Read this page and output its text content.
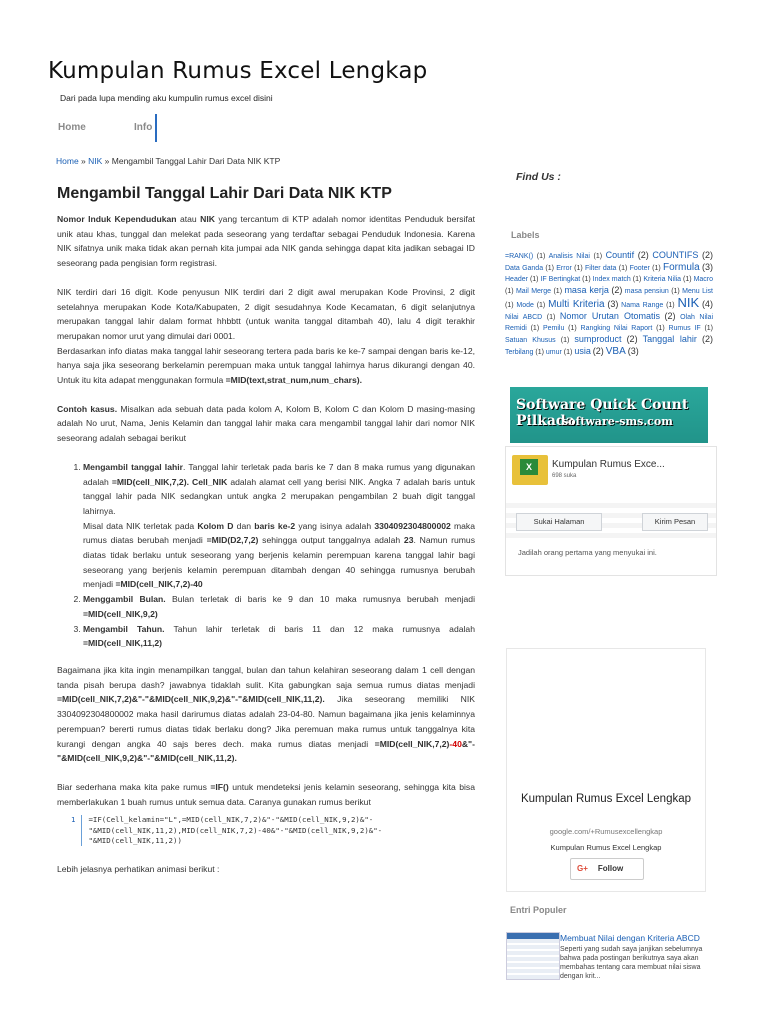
Kumpulan Rumus Excel Lengkap
Dari pada lupa mending aku kumpulin rumus excel disini
Home	Info
Home » NIK » Mengambil Tanggal Lahir Dari Data NIK KTP
Mengambil Tanggal Lahir Dari Data NIK KTP

Nomor Induk Kependudukan atau NIK yang tercantum di KTP adalah nomor identitas Penduduk bersifat unik atau khas, tunggal dan melekat pada seseorang yang terdaftar sebagai Penduduk Indonesia. Karena NIK sifatnya unik maka tidak akan pernah kita jumpai ada NIK ganda sehingga dapat kita jadikan sebagai ID seseorang pada pengisian form registrasi.

NIK terdiri dari 16 digit. Kode penyusun NIK terdiri dari 2 digit awal merupakan Kode Provinsi, 2 digit setelahnya merupakan Kode Kota/Kabupaten, 2 digit sesudahnya Kode Kecamatan, 6 digit selanjutnya merupakan tanggal lahir dalam format hhbbtt (untuk wanita tanggal ditambah 40), lalu 4 digit terakhir merupakan nomor urut yang dimulai dari 0001.

Berdasarkan info diatas maka tanggal lahir seseorang tertera pada baris ke ke-7 sampai dengan baris ke-12, hanya saja jika seseorang berkelamin perempuan maka untuk tanggal lahirnya harus dikurangi dengan 40. Untuk itu kita adapat menggunakan formula =MID(text,strat_num,num_chars).

Contoh kasus. Misalkan ada sebuah data pada kolom A, Kolom B, Kolom C dan Kolom D masing-masing adalah No urut, Nama, Jenis Kelamin dan tanggal lahir maka cara mengambil tanggal lahir dari nomor NIK seseorang adalah sebagai berikut

1. Mengambil tanggal lahir. Tanggal lahir terletak pada baris ke 7 dan 8 maka rumus yang digunakan adalah =MID(cell_NIK,7,2). Cell_NIK adalah alamat cell yang berisi NIK. Angka 7 adalah baris untuk tanggal lahir pada NIK sedangkan untuk angka 2 merupakan pengambilan 2 buah digit tanggal lahirnya.
Misal data NIK terletak pada Kolom D dan baris ke-2 yang isinya adalah 3304092304800002 maka rumus diatas berubah menjadi =MID(D2,7,2) sehingga output tanggalnya adalah 23. Namun rumus diatas tidak berlaku untuk seseorang yang berjenis kelamin perempuan karena tanggal lahir bagi seseorang yang berjenis kelamin perempuan ditambah dengan 40 sehingga rumusnya berubah menjadi =MID(cell_NIK,7,2)-40
2. Menggambil Bulan. Bulan terletak di baris ke 9 dan 10 maka rumusnya berubah menjadi =MID(cell_NIK,9,2)
3. Mengambil Tahun. Tahun lahir terletak di baris 11 dan 12 maka rumusnya adalah =MID(cell_NIK,11,2)

Bagaimana jika kita ingin menampilkan tanggal, bulan dan tahun kelahiran seseorang dalam 1 cell dengan tanda pisah berupa dash? jawabnya tidaklah sulit. Kita gabungkan saja semua rumus diatas menjadi =MID(cell_NIK,7,2)&"-"&MID(cell_NIK,9,2)&"-"&MID(cell_NIK,11,2). Jika seseorang memiliki NIK 3304092304800002 maka hasil darirumus diatas adalah 23-04-80. Namun bagaimana jika jenis kelaminnya perempuan? bererti rumus diatas tidak berlaku dong? Jika peremuan maka rumus untuk tanggalnya kita kurangi dengan angka 40 sajs beres dech. maka rumus diatas menjadi =MID(cell_NIK,7,2)-40&"-"&MID(cell_NIK,9,2)&"-"&MID(cell_NIK,11,2).

Biar sederhana maka kita pake rumus =IF() untuk mendeteksi jenis kelamin seseorang, sehingga kita bisa memberlakukan 1 buah rumus untuk semua data. Caranya gunakan rumus berikut

1	=IF(Cell_kelamin="L",=MID(cell_NIK,7,2)&"-"&MID(cell_NIK,9,2)&"-
"&MID(cell_NIK,11,2),MID(cell_NIK,7,2)-40&"-"&MID(cell_NIK,9,2)&"-
"&MID(cell_NIK,11,2))

Lebih jelasnya perhatikan animasi berikut :

Find Us :
Labels
=RANK() (1) Analisis Nilai (1) Countif (2) COUNTIFS (2) Data Ganda (1) Error (1) Filter data (1) Footer (1) Formula (3) Header (1) IF Bertingkat (1) Index match (1) Kriteria Nilia (1) Macro (1) Mail Merge (1) masa kerja (2) masa pensiun (1) Menu List (1) Mode (1) Multi Kriteria (3) Nama Range (1) NIK (4) Nilai ABCD (1) Nomor Urutan Otomatis (2) Olah Nilai Remidi (1) Pemilu (1) Rangking Nilai Raport (1) Rumus IF (1) Satuan Khusus (1) sumproduct (2) Tanggal lahir (2) Terbilang (1) umur (1) usia (2) VBA (3)
Software Quick Count Pilkada
software-sms.com
X	Kumpulan Rumus Exce...
698 suka
Sukai Halaman	Kirim Pesan
Jadilah orang pertama yang menyukai ini.
Kumpulan Rumus Excel Lengkap
google.com/+Rumusexcellengkap
Kumpulan Rumus Excel Lengkap
G+ Follow
Entri Populer
Membuat Nilai dengan Kriteria ABCD
Seperti yang sudah saya janjikan sebelumnya bahwa pada postingan berikutnya saya akan membahas tentang cara membuat nilai siswa dengan krit...
